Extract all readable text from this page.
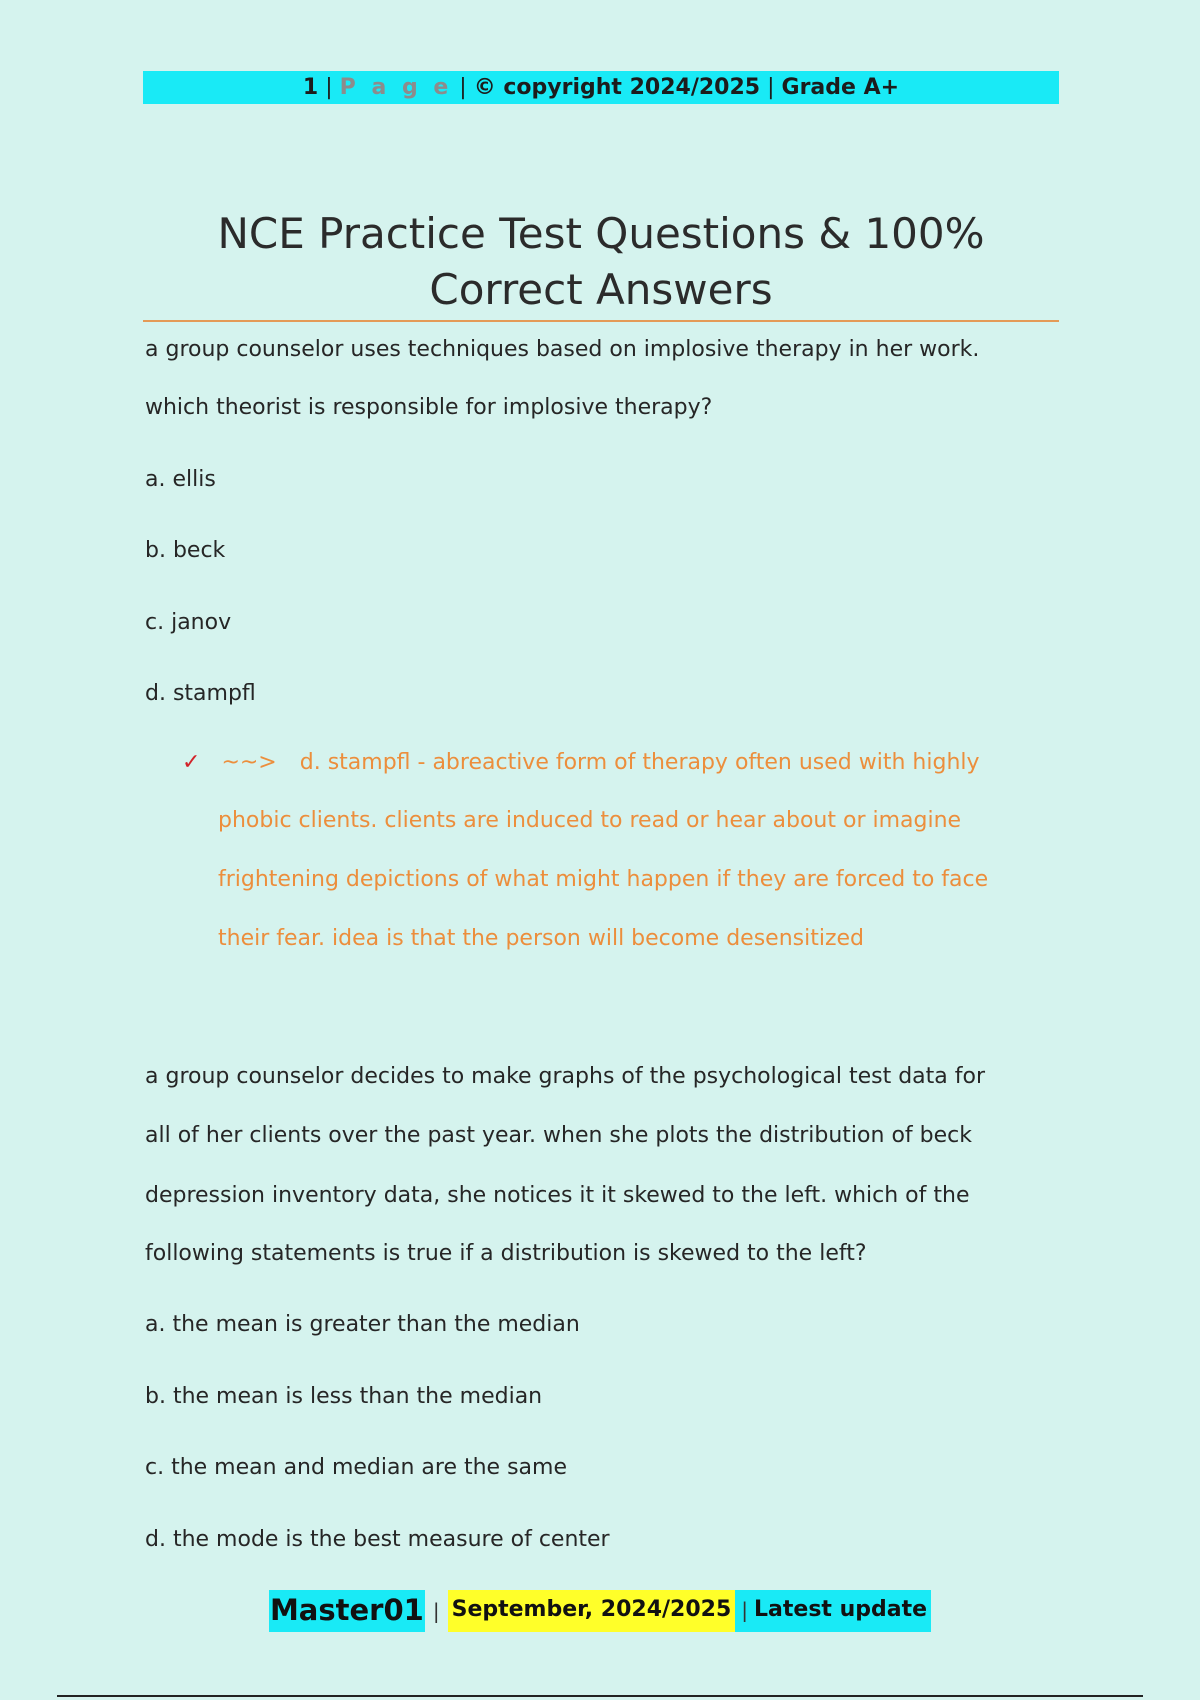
1 | P a g e | © copyright 2024/2025 | Grade A+
NCE Practice Test Questions & 100%
Correct Answers
a group counselor uses techniques based on implosive therapy in her work.
which theorist is responsible for implosive therapy?
a. ellis
b. beck
c. janov
d. stampfl
✓ ~~> d. stampfl - abreactive form of therapy often used with highly
phobic clients. clients are induced to read or hear about or imagine
frightening depictions of what might happen if they are forced to face
their fear. idea is that the person will become desensitized
a group counselor decides to make graphs of the psychological test data for
all of her clients over the past year. when she plots the distribution of beck
depression inventory data, she notices it it skewed to the left. which of the
following statements is true if a distribution is skewed to the left?
a. the mean is greater than the median
b. the mean is less than the median
c. the mean and median are the same
d. the mode is the best measure of center
Master01 | September, 2024/2025 | Latest update
